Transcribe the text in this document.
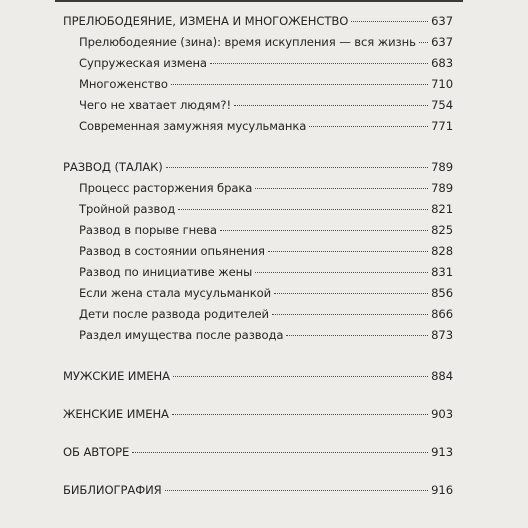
ПРЕЛЮБОДЕЯНИЕ, ИЗМЕНА И МНОГОЖЕНСТВО	637
Прелюбодеяние (зина): время искупления — вся жизнь 637
Супружеская измена	683
Многоженство	710
Чего не хватает людям?!	754
Современная замужняя мусульманка	771
РАЗВОД (ТАЛАК)	789
Процесс расторжения брака	789
Тройной развод	821
Развод в порыве гнева	825
Развод в состоянии опьянения	828
Развод по инициативе жены	831
Если жена стала мусульманкой	856
Дети после развода родителей	866
Раздел имущества после развода	873
МУЖСКИЕ ИМЕНА	884
ЖЕНСКИЕ ИМЕНА	903
ОБ АВТОРЕ	913
БИБЛИОГРАФИЯ	916
